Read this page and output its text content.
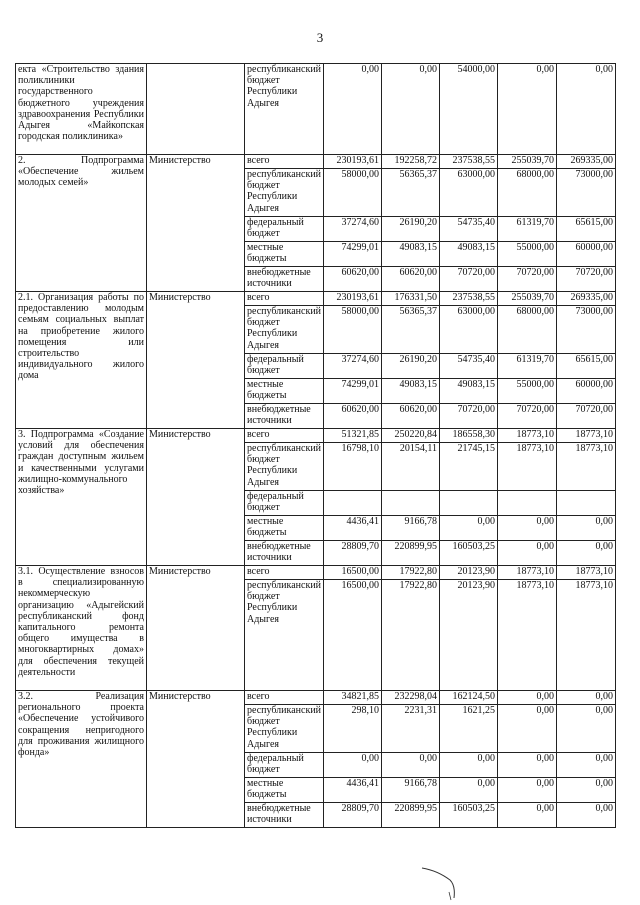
3
екта «Строительство здания поликлиники государственного бюджетного учреждения здравоохранения Республики Адыгея «Майкопская городская поликлиника»		республиканский бюджет Республики Адыгея	0,00	0,00	54000,00	0,00	0,00
2. Подпрограмма «Обеспечение жильем молодых семей»	Министерство	всего	230193,61	192258,72	237538,55	255039,70	269335,00
		республиканский бюджет Республики Адыгея	58000,00	56365,37	63000,00	68000,00	73000,00
		федеральный бюджет	37274,60	26190,20	54735,40	61319,70	65615,00
		местные бюджеты	74299,01	49083,15	49083,15	55000,00	60000,00
		внебюджетные источники	60620,00	60620,00	70720,00	70720,00	70720,00
2.1. Организация работы по предоставлению молодым семьям социальных выплат на приобретение жилого помещения или строительство индивидуального жилого дома	Министерство	всего	230193,61	176331,50	237538,55	255039,70	269335,00
		республиканский бюджет Республики Адыгея	58000,00	56365,37	63000,00	68000,00	73000,00
		федеральный бюджет	37274,60	26190,20	54735,40	61319,70	65615,00
		местные бюджеты	74299,01	49083,15	49083,15	55000,00	60000,00
		внебюджетные источники	60620,00	60620,00	70720,00	70720,00	70720,00
3. Подпрограмма «Создание условий для обеспечения граждан доступным жильем и качественными услугами жилищно-коммунального хозяйства»	Министерство	всего	51321,85	250220,84	186558,30	18773,10	18773,10
		республиканский бюджет Республики Адыгея	16798,10	20154,11	21745,15	18773,10	18773,10
		федеральный бюджет					
		местные бюджеты	4436,41	9166,78	0,00	0,00	0,00
		внебюджетные источники	28809,70	220899,95	160503,25	0,00	0,00
3.1. Осуществление взносов в специализированную некоммерческую организацию «Адыгейский республиканский фонд капитального ремонта общего имущества в многоквартирных домах» для обеспечения текущей деятельности	Министерство	всего	16500,00	17922,80	20123,90	18773,10	18773,10
		республиканский бюджет Республики Адыгея	16500,00	17922,80	20123,90	18773,10	18773,10
3.2. Реализация регионального проекта «Обеспечение устойчивого сокращения непригодного для проживания жилищного фонда»	Министерство	всего	34821,85	232298,04	162124,50	0,00	0,00
		республиканский бюджет Республики Адыгея	298,10	2231,31	1621,25	0,00	0,00
		федеральный бюджет	0,00	0,00	0,00	0,00	0,00
		местные бюджеты	4436,41	9166,78	0,00	0,00	0,00
		внебюджетные источники	28809,70	220899,95	160503,25	0,00	0,00
